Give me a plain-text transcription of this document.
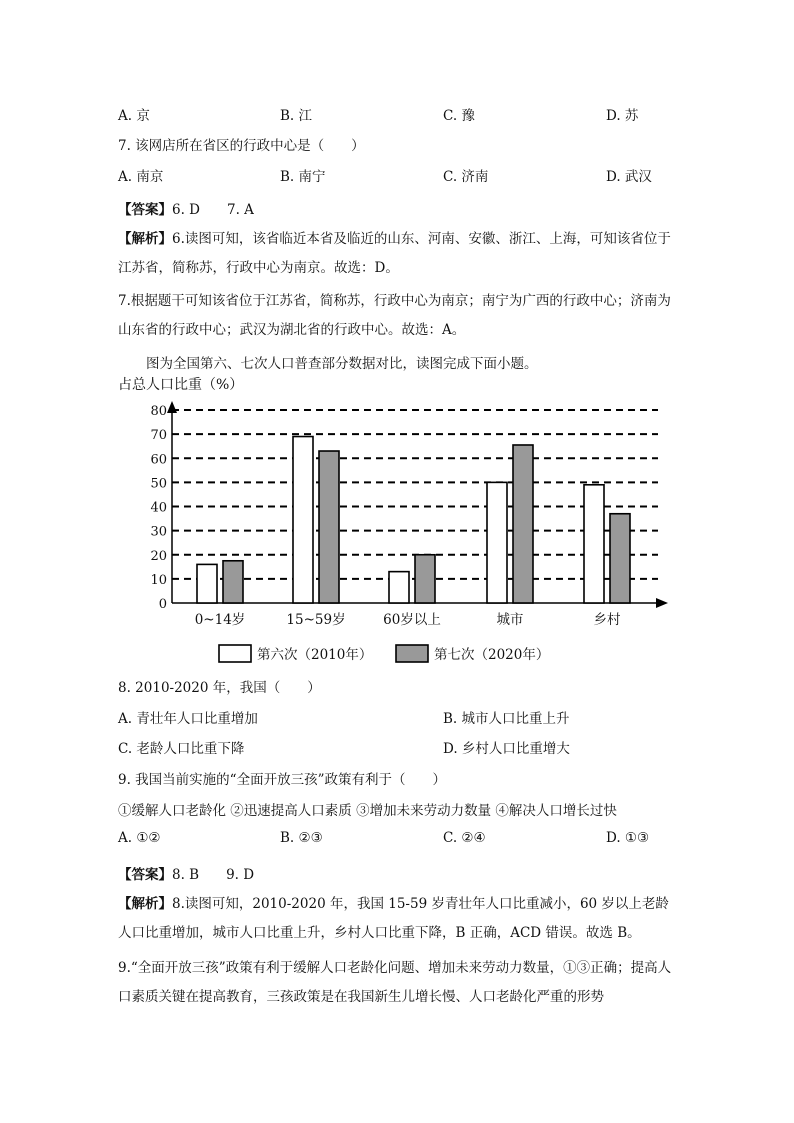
A. 京	B. 江	C. 豫	D. 苏
7. 该网店所在省区的行政中心是（　　）
A. 南京	B. 南宁	C. 济南	D. 武汉
【答案】6. D　　7. A
【解析】6.读图可知，该省临近本省及临近的山东、河南、安徽、浙江、上海，可知该省位于江苏省，简称苏，行政中心为南京。故选：D。
7.根据题干可知该省位于江苏省，简称苏，行政中心为南京；南宁为广西的行政中心；济南为山东省的行政中心；武汉为湖北省的行政中心。故选：A。
图为全国第六、七次人口普查部分数据对比，读图完成下面小题。
占总人口比重（%）
0
10
20
30
40
50
60
70
80
0~14岁	15~59岁	60岁以上	城市	乡村
第六次（2010年）	第七次（2020年）
8. 2010-2020 年，我国（　　）
A. 青壮年人口比重增加	B. 城市人口比重上升
C. 老龄人口比重下降	D. 乡村人口比重增大
9. 我国当前实施的“全面开放三孩”政策有利于（　　）
①缓解人口老龄化 ②迅速提高人口素质 ③增加未来劳动力数量 ④解决人口增长过快
A. ①②	B. ②③	C. ②④	D. ①③
【答案】8. B　　9. D
【解析】8.读图可知，2010-2020 年，我国 15-59 岁青壮年人口比重减小，60 岁以上老龄人口比重增加，城市人口比重上升，乡村人口比重下降，B 正确，ACD 错误。故选 B。
9.“全面开放三孩”政策有利于缓解人口老龄化问题、增加未来劳动力数量，①③正确；提高人口素质关键在提高教育，三孩政策是在我国新生儿增长慢、人口老龄化严重的形势
